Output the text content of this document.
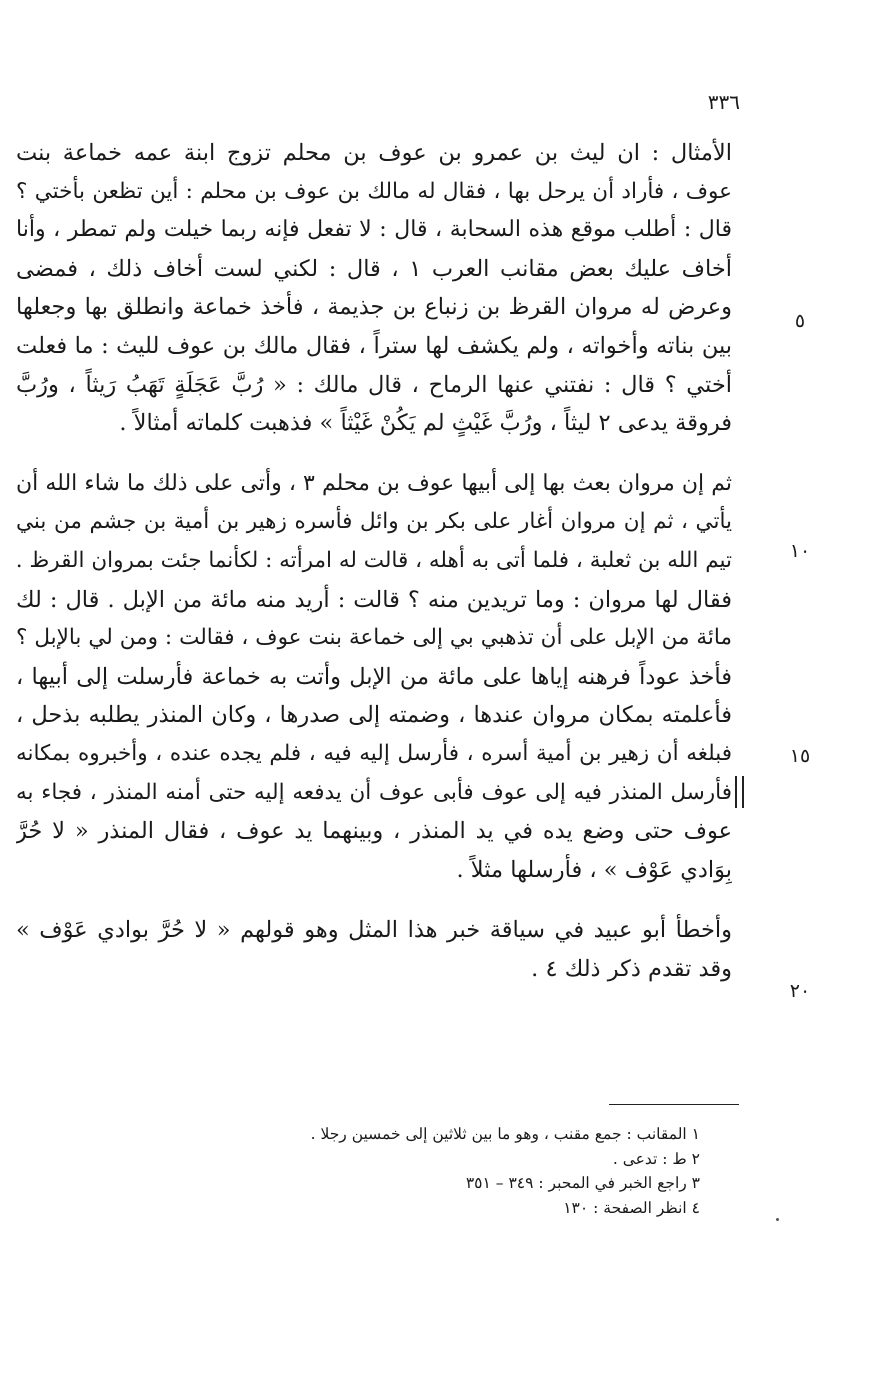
٣٣٦
الأمثال : ان ليث بن عمرو بن عوف بن محلم تزوج ابنة عمه خماعة بنت
عوف ، فأراد أن يرحل بها ، فقال له مالك بن عوف بن محلم : أين تظعن بأختي ؟
قال : أطلب موقع هذه السحابة ، قال : لا تفعل فإنه ربما خيلت ولم تمطر ، وأنا
أخاف عليك بعض مقانب العرب ١ ، قال : لكني لست أخاف ذلك ، فمضى
وعرض له مروان القرظ بن زنباع بن جذيمة ، فأخذ خماعة وانطلق بها وجعلها
بين بناته وأخواته ، ولم يكشف لها ستراً ، فقال مالك بن عوف لليث : ما فعلت
أختي ؟ قال : نفتني عنها الرماح ، قال مالك : « رُبَّ عَجَلَةٍ تَهَبُ رَيثاً ، ورُبَّ
فروقة يدعى ٢ ليثاً ، ورُبَّ غَيْثٍ لم يَكُنْ غَيْثاً » فذهبت كلماته أمثالاً .
ثم إن مروان بعث بها إلى أبيها عوف بن محلم ٣ ، وأتى على ذلك ما شاء الله أن
يأتي ، ثم إن مروان أغار على بكر بن وائل فأسره زهير بن أمية بن جشم من بني
تيم الله بن ثعلبة ، فلما أتى به أهله ، قالت له امرأته : لكأنما جئت بمروان القرظ .
فقال لها مروان : وما تريدين منه ؟ قالت : أريد منه مائة من الإبل . قال : لك
مائة من الإبل على أن تذهبي بي إلى خماعة بنت عوف ، فقالت : ومن لي بالإبل ؟
فأخذ عوداً فرهنه إياها على مائة من الإبل وأتت به خماعة فأرسلت إلى أبيها ،
فأعلمته بمكان مروان عندها ، وضمته إلى صدرها ، وكان المنذر يطلبه بذحل ،
فبلغه أن زهير بن أمية أسره ، فأرسل إليه فيه ، فلم يجده عنده ، وأخبروه بمكانه
فأرسل المنذر فيه إلى عوف فأبى عوف أن يدفعه إليه حتى أمنه المنذر ، فجاء به
عوف حتى وضع يده في يد المنذر ، وبينهما يد عوف ، فقال المنذر « لا حُرَّ
بِوَادي عَوْف » ، فأرسلها مثلاً .
وأخطأ أبو عبيد في سياقة خبر هذا المثل وهو قولهم « لا حُرَّ بوادي عَوْف »
وقد تقدم ذكر ذلك ٤ .
٥
١٠
١٥
٢٠
١ المقانب : جمع مقنب ، وهو ما بين ثلاثين إلى خمسين رجلا .
٢ ط : تدعى .
٣ راجع الخبر في المحبر : ٣٤٩ – ٣٥١
٤ انظر الصفحة : ١٣٠
